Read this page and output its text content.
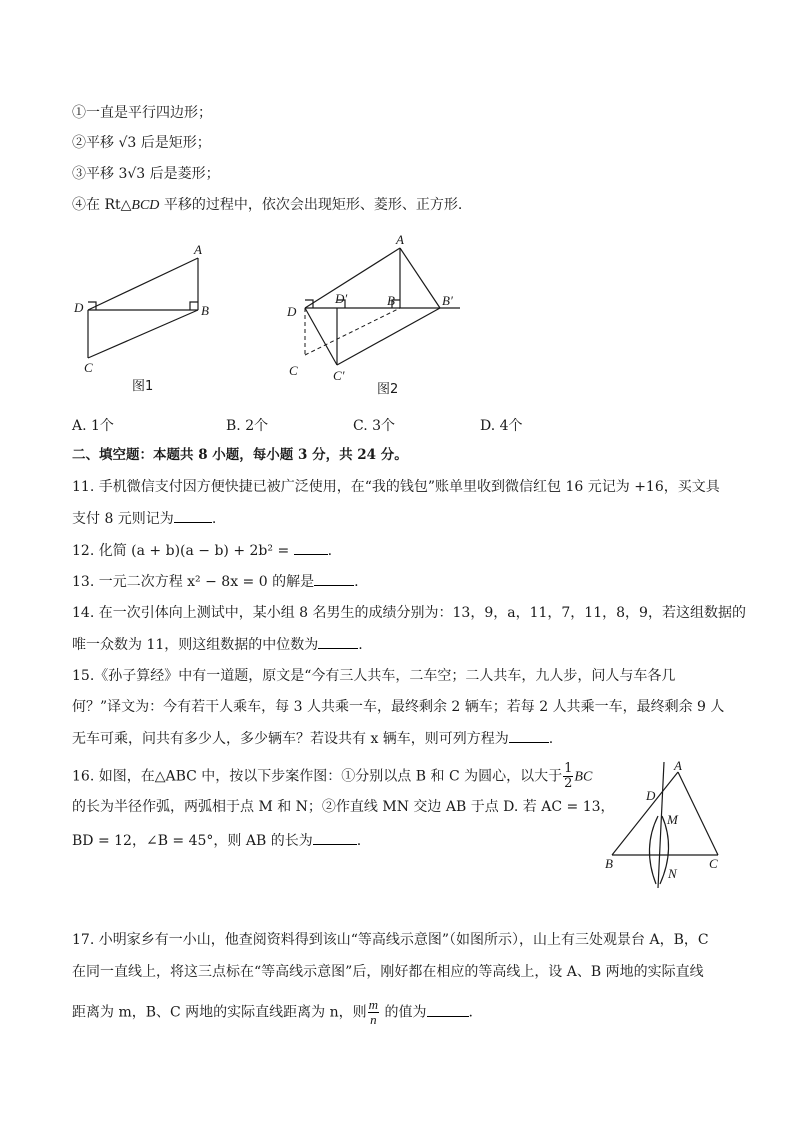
①一直是平行四边形；
②平移 √3 后是矩形；
③平移 3√3 后是菱形；
④在 Rt△BCD 平移的过程中，依次会出现矩形、菱形、正方形.
A
B
C
D
图1
A
B	B′
C	C′
D
D′
图2
A. 1个	B. 2个	C. 3个	D. 4个
二、填空题：本题共 8 小题，每小题 3 分，共 24 分。
11. 手机微信支付因方便快捷已被广泛使用，在“我的钱包”账单里收到微信红包 16 元记为 +16，买文具
支付 8 元则记为	.
12. 化简 (a + b)(a − b) + 2b² =	.
13. 一元二次方程 x² − 8x = 0 的解是	.
14. 在一次引体向上测试中，某小组 8 名男生的成绩分别为：13，9，a，11，7，11，8，9，若这组数据的
唯一众数为 11，则这组数据的中位数为	.
15.《孙子算经》中有一道题，原文是“今有三人共车，二车空；二人共车，九人步，问人与车各几
何？”译文为：今有若干人乘车，每 3 人共乘一车，最终剩余 2 辆车；若每 2 人共乘一车，最终剩余 9 人
无车可乘，问共有多少人，多少辆车？若设共有 x 辆车，则可列方程为	.
16. 如图，在△ABC 中，按以下步案作图：①分别以点 B 和 C 为圆心，以大于 $\frac{1}{2}$ BC
的长为半径作弧，两弧相于点 M 和 N；②作直线 MN 交边 AB 于点 D. 若 AC = 13，
BD = 12，∠B = 45°，则 AB 的长为	.
A
B	C
D
M
N
17. 小明家乡有一小山，他查阅资料得到该山“等高线示意图”（如图所示），山上有三处观景台 A，B，C
在同一直线上，将这三点标在“等高线示意图”后，刚好都在相应的等高线上，设 A、B 两地的实际直线
距离为 m，B、C 两地的实际直线距离为 n，则 $\frac{m}{n}$ 的值为	.
